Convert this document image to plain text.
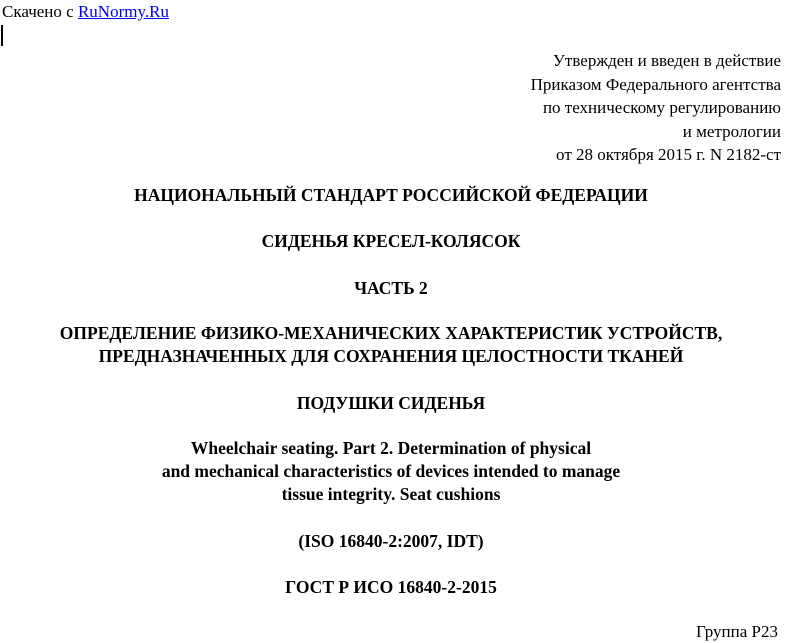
Скачено с RuNormy.Ru
Утвержден и введен в действие
Приказом Федерального агентства
по техническому регулированию
и метрологии
от 28 октября 2015 г. N 2182-ст
НАЦИОНАЛЬНЫЙ СТАНДАРТ РОССИЙСКОЙ ФЕДЕРАЦИИ
СИДЕНЬЯ КРЕСЕЛ-КОЛЯСОК
ЧАСТЬ 2
ОПРЕДЕЛЕНИЕ ФИЗИКО-МЕХАНИЧЕСКИХ ХАРАКТЕРИСТИК УСТРОЙСТВ,
ПРЕДНАЗНАЧЕННЫХ ДЛЯ СОХРАНЕНИЯ ЦЕЛОСТНОСТИ ТКАНЕЙ
ПОДУШКИ СИДЕНЬЯ
Wheelchair seating. Part 2. Determination of physical
and mechanical characteristics of devices intended to manage
tissue integrity. Seat cushions
(ISO 16840-2:2007, IDT)
ГОСТ Р ИСО 16840-2-2015
Группа Р23
